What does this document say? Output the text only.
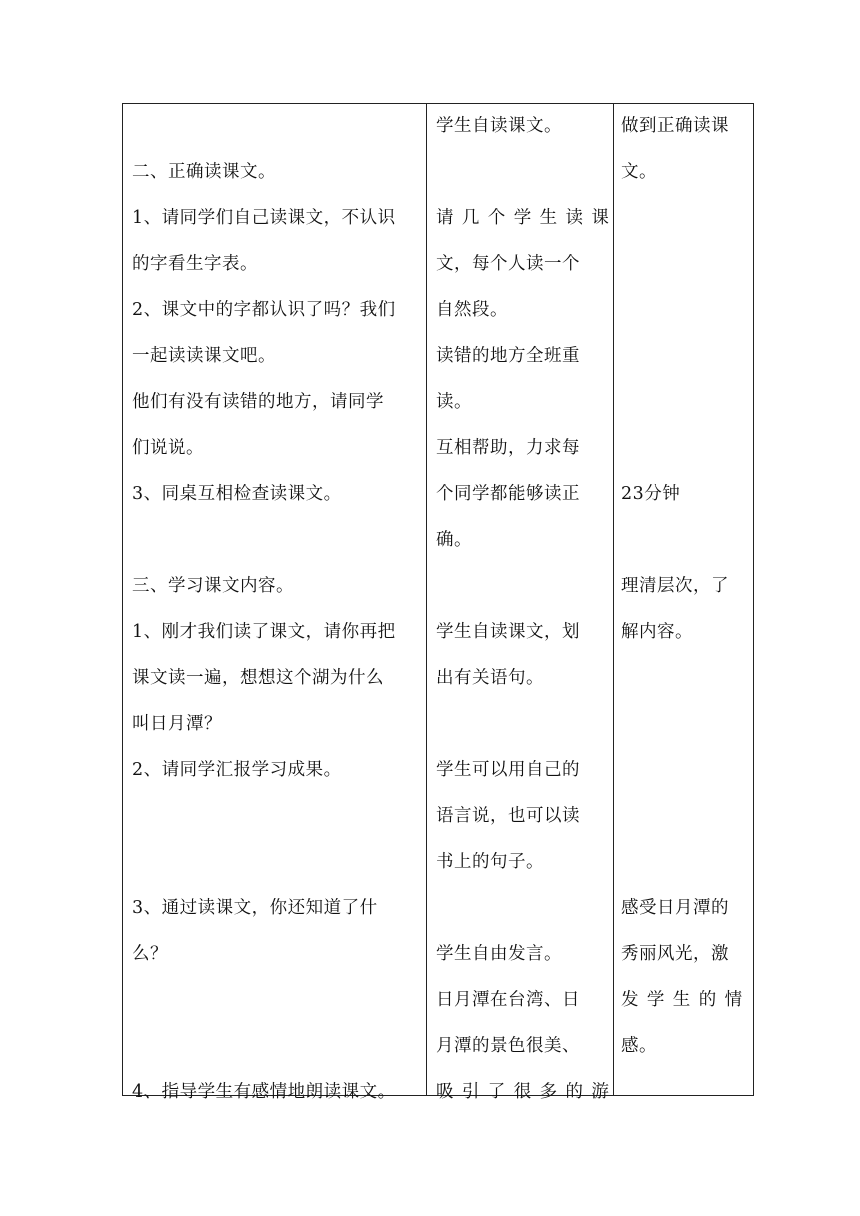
二、正确读课文。
1、请同学们自己读课文，不认识
的字看生字表。
2、课文中的字都认识了吗？我们
一起读读课文吧。
他们有没有读错的地方，请同学
们说说。
3、同桌互相检查读课文。
三、学习课文内容。
1、刚才我们读了课文，请你再把
课文读一遍，想想这个湖为什么
叫日月潭？
2、请同学汇报学习成果。
3、通过读课文，你还知道了什
么？
4、指导学生有感情地朗读课文。
学生自读课文。
请几个学生读课
文，每个人读一个
自然段。
读错的地方全班重
读。
互相帮助，力求每
个同学都能够读正
确。
学生自读课文，划
出有关语句。
学生可以用自己的
语言说，也可以读
书上的句子。
学生自由发言。
日月潭在台湾、日
月潭的景色很美、
吸引了很多的游
做到正确读课
文。
23分钟
理清层次，了
解内容。
感受日月潭的
秀丽风光，激
发学生的情
感。
